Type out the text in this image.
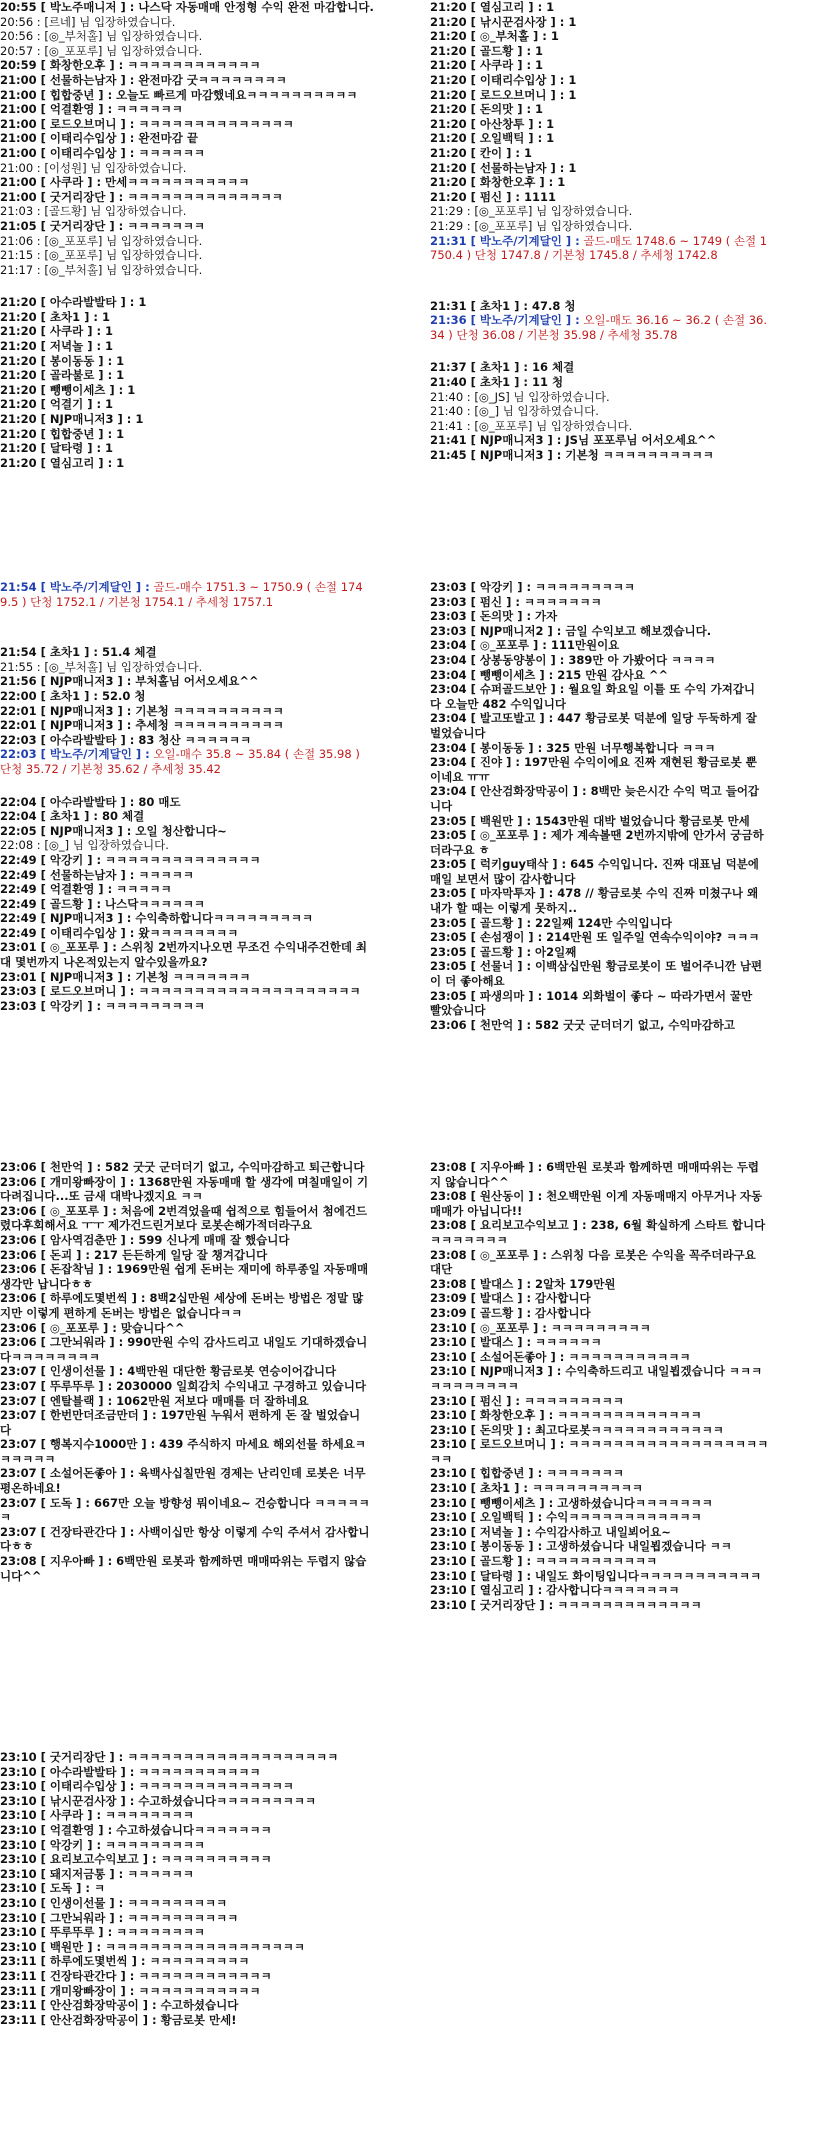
20:55 [ 박노주매니저 ] : 나스닥 자동매매 안정형 수익 완전 마감합니다.
20:56 : [르네] 님 입장하였습니다.
20:56 : [◎_부처홀] 님 입장하였습니다.
20:57 : [◎_포포루] 님 입장하였습니다.
20:59 [ 화창한오후 ] : ㅋㅋㅋㅋㅋㅋㅋㅋㅋㅋㅋㅋ
21:00 [ 선물하는남자 ] : 완전마감 굿ㅋㅋㅋㅋㅋㅋㅋㅋ
21:00 [ 힙합중년 ] : 오늘도 빠르게 마감했네요ㅋㅋㅋㅋㅋㅋㅋㅋㅋㅋ
21:00 [ 억결환영 ] : ㅋㅋㅋㅋㅋㅋ
21:00 [ 로드오브머니 ] : ㅋㅋㅋㅋㅋㅋㅋㅋㅋㅋㅋㅋㅋㅋ
21:00 [ 이태리수입상 ] : 완전마감 끝
21:00 [ 이태리수입상 ] : ㅋㅋㅋㅋㅋㅋ
21:00 : [이성원] 님 입장하였습니다.
21:00 [ 사쿠라 ] : 만세ㅋㅋㅋㅋㅋㅋㅋㅋㅋㅋㅋ
21:00 [ 굿거리장단 ] : ㅋㅋㅋㅋㅋㅋㅋㅋㅋㅋㅋㅋㅋㅋ
21:03 : [골드황] 님 입장하였습니다.
21:05 [ 굿거리장단 ] : ㅋㅋㅋㅋㅋㅋㅋ
21:06 : [◎_포포루] 님 입장하였습니다.
21:15 : [◎_포포루] 님 입장하였습니다.
21:17 : [◎_부처홀] 님 입장하였습니다.
21:20 [ 아수라발발타 ] : 1
21:20 [ 초차1 ] : 1
21:20 [ 사쿠라 ] : 1
21:20 [ 저녁놀 ] : 1
21:20 [ 봉이동동 ] : 1
21:20 [ 골라불로 ] : 1
21:20 [ 뺑뺑이세츠 ] : 1
21:20 [ 억결기 ] : 1
21:20 [ NJP매니저3 ] : 1
21:20 [ 힙합중년 ] : 1
21:20 [ 달타령 ] : 1
21:20 [ 열심고리 ] : 1
21:20 [ 열심고리 ] : 1
21:20 [ 낚시꾼검사장 ] : 1
21:20 [ ◎_부처홀 ] : 1
21:20 [ 골드황 ] : 1
21:20 [ 사쿠라 ] : 1
21:20 [ 이태리수입상 ] : 1
21:20 [ 로드오브머니 ] : 1
21:20 [ 돈의맛 ] : 1
21:20 [ 아산창투 ] : 1
21:20 [ 오일백틱 ] : 1
21:20 [ 칸이 ] : 1
21:20 [ 선물하는남자 ] : 1
21:20 [ 화창한오후 ] : 1
21:20 [ 펌신 ] : 1111
21:29 : [◎_포포루] 님 입장하였습니다.
21:29 : [◎_포포루] 님 입장하였습니다.
21:31 [ 박노주/기계달인 ] : 골드-매도 1748.6 ~ 1749 ( 손절 1750.4 ) 단청 1747.8 / 기본청 1745.8 / 추세청 1742.8
21:31 [ 초차1 ] : 47.8 청
21:36 [ 박노주/기계달인 ] : 오일-매도 36.16 ~ 36.2 ( 손절 36.34 ) 단청 36.08 / 기본청 35.98 / 추세청 35.78
21:37 [ 초차1 ] : 16 체결
21:40 [ 초차1 ] : 11 청
21:40 : [◎_JS] 님 입장하였습니다.
21:40 : [◎_] 님 입장하였습니다.
21:41 : [◎_포포루] 님 입장하였습니다.
21:41 [ NJP매니저3 ] : JS님 포포루님 어서오세요^^
21:45 [ NJP매니저3 ] : 기본청 ㅋㅋㅋㅋㅋㅋㅋㅋㅋㅋ
21:54 [ 박노주/기계달인 ] : 골드-매수 1751.3 ~ 1750.9 ( 손절 1749.5 ) 단청 1752.1 / 기본청 1754.1 / 추세청 1757.1
21:54 [ 초차1 ] : 51.4 체결
21:55 : [◎_부처홀] 님 입장하였습니다.
21:56 [ NJP매니저3 ] : 부처홀님 어서오세요^^
22:00 [ 초차1 ] : 52.0 청
22:01 [ NJP매니저3 ] : 기본청 ㅋㅋㅋㅋㅋㅋㅋㅋㅋㅋ
22:01 [ NJP매니저3 ] : 추세청 ㅋㅋㅋㅋㅋㅋㅋㅋㅋㅋ
22:03 [ 아수라발발타 ] : 83 청산 ㅋㅋㅋㅋㅋㅋ
22:03 [ 박노주/기계달인 ] : 오일-매수 35.8 ~ 35.84 ( 손절 35.98 ) 단청 35.72 / 기본청 35.62 / 추세청 35.42
22:04 [ 아수라발발타 ] : 80 매도
22:04 [ 초차1 ] : 80 체결
22:05 [ NJP매니저3 ] : 오일 청산합니다~
22:08 : [◎_] 님 입장하였습니다.
22:49 [ 악강키 ] : ㅋㅋㅋㅋㅋㅋㅋㅋㅋㅋㅋㅋㅋㅋ
22:49 [ 선물하는남자 ] : ㅋㅋㅋㅋㅋ
22:49 [ 억결환영 ] : ㅋㅋㅋㅋㅋ
22:49 [ 골드황 ] : 나스닥ㅋㅋㅋㅋㅋㅋ
22:49 [ NJP매니저3 ] : 수익축하합니다ㅋㅋㅋㅋㅋㅋㅋㅋㅋ
22:49 [ 이태리수입상 ] : 왔ㅋㅋㅋㅋㅋㅋㅋㅋ
23:01 [ ◎_포포루 ] : 스위칭 2번까지나오면 무조건 수익내주건한데 최대 몇번까지 나온적있는지 알수있을까요?
23:01 [ NJP매니저3 ] : 기본청 ㅋㅋㅋㅋㅋㅋㅋ
23:03 [ 로드오브머니 ] : ㅋㅋㅋㅋㅋㅋㅋㅋㅋㅋㅋㅋㅋㅋㅋㅋㅋㅋㅋㅋ
23:03 [ 악강키 ] : ㅋㅋㅋㅋㅋㅋㅋㅋㅋ
23:03 [ 악강키 ] : ㅋㅋㅋㅋㅋㅋㅋㅋㅋ
23:03 [ 펌신 ] : ㅋㅋㅋㅋㅋㅋㅋ
23:03 [ 돈의맛 ] : 가자
23:03 [ NJP매니저2 ] : 금일 수익보고 해보겠습니다.
23:04 [ ◎_포포루 ] : 111만원이요
23:04 [ 상봉동양봉이 ] : 389만 아 가봤어다 ㅋㅋㅋㅋ
23:04 [ 뺑뺑이세츠 ] : 215 만원 감사요 ^^
23:04 [ 슈퍼골드보안 ] : 월요일 화요일 이틀 또 수익 가져갑니다 오늘만 482 수익입니다
23:04 [ 발고또발고 ] : 447 황금로봇 덕분에 일당 두둑하게 잘 벌었습니다
23:04 [ 봉이동동 ] : 325 만원 너무행복합니다 ㅋㅋㅋ
23:04 [ 진야 ] : 197만원 수익이에요 진짜 재현된 황금로봇 뿐이네요 ㅠㅠ
23:04 [ 안산검화장막공이 ] : 8백만 늦은시간 수익 먹고 들어갑니다
23:05 [ 백원만 ] : 1543만원 대박 벌었습니다 황금로봇 만세
23:05 [ ◎_포포루 ] : 제가 계속볼땐 2번까지밖에 안가서 궁금하더라구요 ㅎ
23:05 [ 럭키guy태삭 ] : 645 수익입니다. 진짜 대표님 덕분에 매일 보면서 많이 감사합니다
23:05 [ 마자막투자 ] : 478 // 황금로봇 수익 진짜 미쳤구나 왜 내가 할 때는 이렇게 못하지..
23:05 [ 골드황 ] : 22일째 124만 수익입니다
23:05 [ 손섬쟁이 ] : 214만원 또 일주일 연속수익이야? ㅋㅋㅋ
23:05 [ 골드황 ] : 아2일째
23:05 [ 선물너 ] : 이백삼십만원 황금로봇이 또 벌어주니깐 남편이 더 좋아해요
23:05 [ 파생의마 ] : 1014 외화벌이 좋다 ~ 따라가면서 꿀만 빨았습니다
23:06 [ 천만억 ] : 582 굿굿 군더더기 없고, 수익마감하고
23:06 [ 천만억 ] : 582 굿굿 군더더기 없고, 수익마감하고 퇴근합니다
23:06 [ 개미왕빠장이 ] : 1368만원 자동매매 할 생각에 며칠매일이 기다려집니다...또 금새 대박나겠지요 ㅋㅋ
23:06 [ ◎_포포루 ] : 처음에 2번격었을때 쉽적으로 힘들어서 첨에건드렸다후회해서요 ㅜㅜ 제가건드린거보다 로봇손해가적더라구요
23:06 [ 암사역검춘만 ] : 599 신나게 매매 잘 했습니다
23:06 [ 돈괴 ] : 217 든든하게 일당 잘 챙겨갑니다
23:06 [ 돈잡착님 ] : 1969만원 쉽게 돈버는 재미에 하루종일 자동매매 생각만 납니다ㅎㅎ
23:06 [ 하루에도몇번씩 ] : 8백2십만원 세상에 돈버는 방법은 정말 많지만 이렇게 편하게 돈버는 방법은 없습니다ㅋㅋ
23:06 [ ◎_포포루 ] : 맞습니다^^
23:06 [ 그만뇌워라 ] : 990만원 수익 감사드리고 내일도 기대하겠습니다ㅋㅋㅋㅋㅋㅋㅋㅋ
23:07 [ 인생이선물 ] : 4백만원 대단한 황금로봇 연승이어갑니다
23:07 [ 뚜루뚜루 ] : 2030000 일희감치 수익내고 구경하고 있습니다
23:07 [ 엔탈블랙 ] : 1062만원 저보다 매매를 더 잘하네요
23:07 [ 한번만더조금만더 ] : 197만원 누워서 편하게 돈 잘 벌었습니다
23:07 [ 행복지수1000만 ] : 439 주식하지 마세요 해외선물 하세요ㅋㅋㅋㅋㅋㅋ
23:07 [ 소설어돈좋아 ] : 육백사십칠만원 경제는 난리인데 로봇은 너무 평온하네요!
23:07 [ 도독 ] : 667만 오늘 방향성 뭐이네요~ 건승합니다 ㅋㅋㅋㅋㅋㅋ
23:07 [ 건장타관간다 ] : 사백이십만 항상 이렇게 수익 주셔서 감사합니다ㅎㅎ
23:08 [ 지우아빠 ] : 6백만원 로봇과 함께하면 매매따위는 두렵지 않습니다^^
23:08 [ 지우아빠 ] : 6백만원 로봇과 함께하면 매매따위는 두렵지 않습니다^^
23:08 [ 원산동이 ] : 천오백만원 이게 자동매매지 아무거나 자동매매가 아닙니다!!
23:08 [ 요리보고수익보고 ] : 238, 6월 확실하게 스타트 합니다ㅋㅋㅋㅋㅋㅋㅋ
23:08 [ ◎_포포루 ] : 스위칭 다음 로봇은 수익을 꼭주더라구요 대단
23:08 [ 발대스 ] : 2알차 179만원
23:09 [ 발대스 ] : 감사합니다
23:09 [ 골드황 ] : 감사합니다
23:10 [ ◎_포포루 ] : ㅋㅋㅋㅋㅋㅋㅋㅋㅋ
23:10 [ 발대스 ] : ㅋㅋㅋㅋㅋㅋ
23:10 [ 소설어돈좋아 ] : ㅋㅋㅋㅋㅋㅋㅋㅋㅋㅋㅋ
23:10 [ NJP매니저3 ] : 수익축하드리고 내일뵙겠습니다 ㅋㅋㅋㅋㅋㅋㅋㅋㅋㅋㅋ
23:10 [ 펌신 ] : ㅋㅋㅋㅋㅋㅋㅋㅋㅋ
23:10 [ 화창한오후 ] : ㅋㅋㅋㅋㅋㅋㅋㅋㅋㅋㅋㅋㅋ
23:10 [ 돈의맛 ] : 최고다로봇ㅋㅋㅋㅋㅋㅋㅋㅋㅋㅋㅋㅋ
23:10 [ 로드오브머니 ] : ㅋㅋㅋㅋㅋㅋㅋㅋㅋㅋㅋㅋㅋㅋㅋㅋㅋㅋㅋㅋ
23:10 [ 힙합중년 ] : ㅋㅋㅋㅋㅋㅋㅋ
23:10 [ 초차1 ] : ㅋㅋㅋㅋㅋㅋㅋㅋㅋㅋ
23:10 [ 뺑뺑이세츠 ] : 고생하셨습니다ㅋㅋㅋㅋㅋㅋㅋ
23:10 [ 오일백틱 ] : 수익ㅋㅋㅋㅋㅋㅋㅋㅋㅋㅋㅋㅋ
23:10 [ 저녁놀 ] : 수익감사하고 내일뵈어요~
23:10 [ 봉이동동 ] : 고생하셨습니다 내일뵙겠습니다 ㅋㅋ
23:10 [ 골드황 ] : ㅋㅋㅋㅋㅋㅋㅋㅋㅋㅋㅋ
23:10 [ 달타령 ] : 내일도 화이팅입니다ㅋㅋㅋㅋㅋㅋㅋㅋㅋㅋㅋ
23:10 [ 열심고리 ] : 감사합니다ㅋㅋㅋㅋㅋㅋㅋ
23:10 [ 굿거리장단 ] : ㅋㅋㅋㅋㅋㅋㅋㅋㅋㅋㅋㅋㅋ
23:10 [ 굿거리장단 ] : ㅋㅋㅋㅋㅋㅋㅋㅋㅋㅋㅋㅋㅋㅋㅋㅋㅋㅋㅋ
23:10 [ 아수라발발타 ] : ㅋㅋㅋㅋㅋㅋㅋㅋㅋㅋㅋ
23:10 [ 이태리수입상 ] : ㅋㅋㅋㅋㅋㅋㅋㅋㅋㅋㅋㅋㅋㅋ
23:10 [ 낚시꾼검사장 ] : 수고하셨습니다ㅋㅋㅋㅋㅋㅋㅋㅋㅋ
23:10 [ 사쿠라 ] : ㅋㅋㅋㅋㅋㅋㅋㅋ
23:10 [ 억결환영 ] : 수고하셨습니다ㅋㅋㅋㅋㅋㅋㅋ
23:10 [ 악강키 ] : ㅋㅋㅋㅋㅋㅋㅋㅋㅋ
23:10 [ 요리보고수익보고 ] : ㅋㅋㅋㅋㅋㅋㅋㅋㅋㅋ
23:10 [ 돼지저금통 ] : ㅋㅋㅋㅋㅋㅋ
23:10 [ 도독 ] : ㅋ
23:10 [ 인생이선물 ] : ㅋㅋㅋㅋㅋㅋㅋㅋㅋ
23:10 [ 그만뇌워라 ] : ㅋㅋㅋㅋㅋㅋㅋㅋㅋㅋ
23:10 [ 뚜루뚜루 ] : ㅋㅋㅋㅋㅋㅋㅋㅋ
23:10 [ 백원만 ] : ㅋㅋㅋㅋㅋㅋㅋㅋㅋㅋㅋㅋㅋㅋㅋㅋㅋㅋ
23:11 [ 하루에도몇번씩 ] : ㅋㅋㅋㅋㅋㅋㅋㅋㅋ
23:11 [ 건장타관간다 ] : ㅋㅋㅋㅋㅋㅋㅋㅋㅋㅋㅋㅋ
23:11 [ 개미왕빠장이 ] : ㅋㅋㅋㅋㅋㅋㅋㅋㅋㅋㅋ
23:11 [ 안산검화장막공이 ] : 수고하셨습니다
23:11 [ 안산검화장막공이 ] : 황금로봇 만세!
